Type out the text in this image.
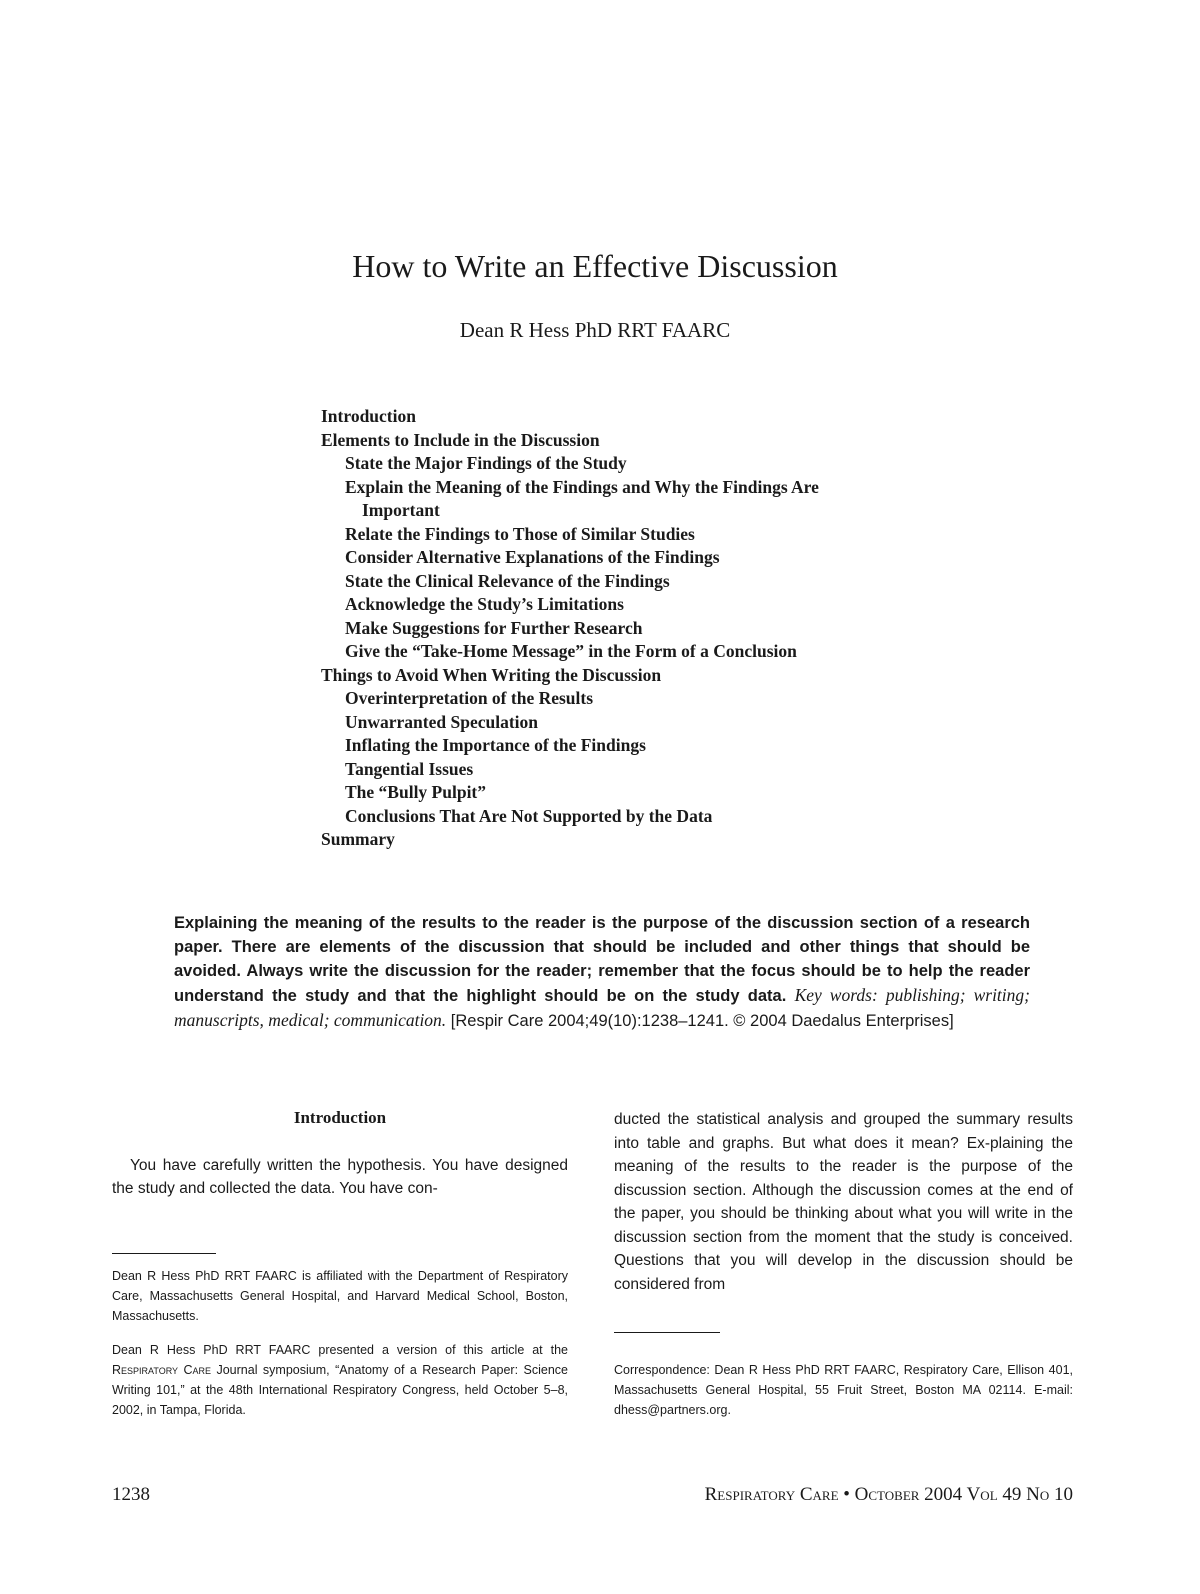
How to Write an Effective Discussion
Dean R Hess PhD RRT FAARC

Introduction

Elements to Include in the Discussion

State the Major Findings of the Study

Explain the Meaning of the Findings and Why the Findings Are

Important

Relate the Findings to Those of Similar Studies

Consider Alternative Explanations of the Findings

State the Clinical Relevance of the Findings

Acknowledge the Study’s Limitations

Make Suggestions for Further Research

Give the “Take-Home Message” in the Form of a Conclusion

Things to Avoid When Writing the Discussion

Overinterpretation of the Results

Unwarranted Speculation

Inflating the Importance of the Findings

Tangential Issues

The “Bully Pulpit”

Conclusions That Are Not Supported by the Data

Summary

Explaining the meaning of the results to the reader is the purpose of the discussion section of a research paper. There are elements of the discussion that should be included and other things that should be avoided. Always write the discussion for the reader; remember that the focus should be to help the reader understand the study and that the highlight should be on the study data. Key words: publishing; writing; manuscripts, medical; communication. [Respir Care 2004;49(10):1238–1241. © 2004 Daedalus Enterprises]
Introduction

You have carefully written the hypothesis. You have designed the study and collected the data. You have con-

ducted the statistical analysis and grouped the summary results into table and graphs. But what does it mean? Ex-plaining the meaning of the results to the reader is the purpose of the discussion section. Although the discussion comes at the end of the paper, you should be thinking about what you will write in the discussion section from the moment that the study is conceived. Questions that you will develop in the discussion should be considered from

Dean R Hess PhD RRT FAARC is affiliated with the Department of Respiratory Care, Massachusetts General Hospital, and Harvard Medical School, Boston, Massachusetts.
Dean R Hess PhD RRT FAARC presented a version of this article at the Respiratory Care Journal symposium, “Anatomy of a Research Paper: Science Writing 101,” at the 48th International Respiratory Congress, held October 5–8, 2002, in Tampa, Florida.
Correspondence: Dean R Hess PhD RRT FAARC, Respiratory Care, Ellison 401, Massachusetts General Hospital, 55 Fruit Street, Boston MA 02114. E-mail: dhess@partners.org.
1238	Respiratory Care • October 2004 Vol 49 No 10
